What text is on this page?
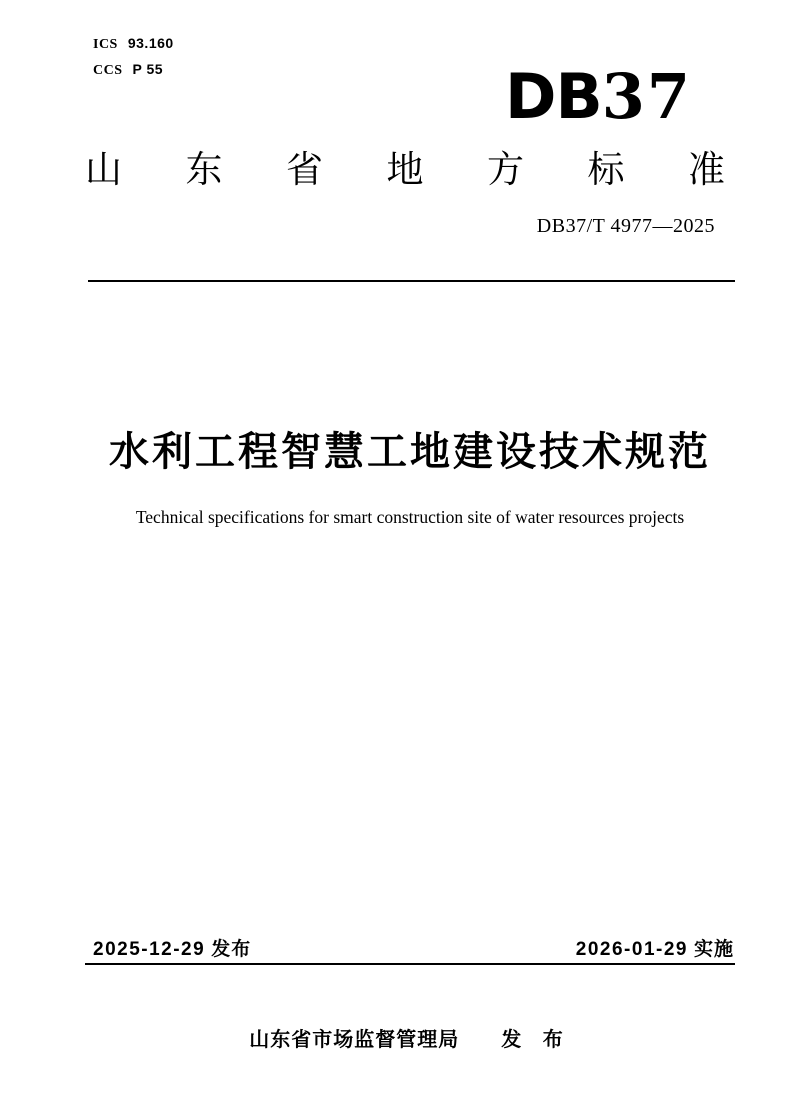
ICS 93.160
CCS P 55	DB37
山 东 省 地 方 标 准
DB37/T 4977—2025
水利工程智慧工地建设技术规范
Technical specifications for smart construction site of water resources projects
2025-12-29 发布	2026-01-29 实施
山东省市场监督管理局 发 布
